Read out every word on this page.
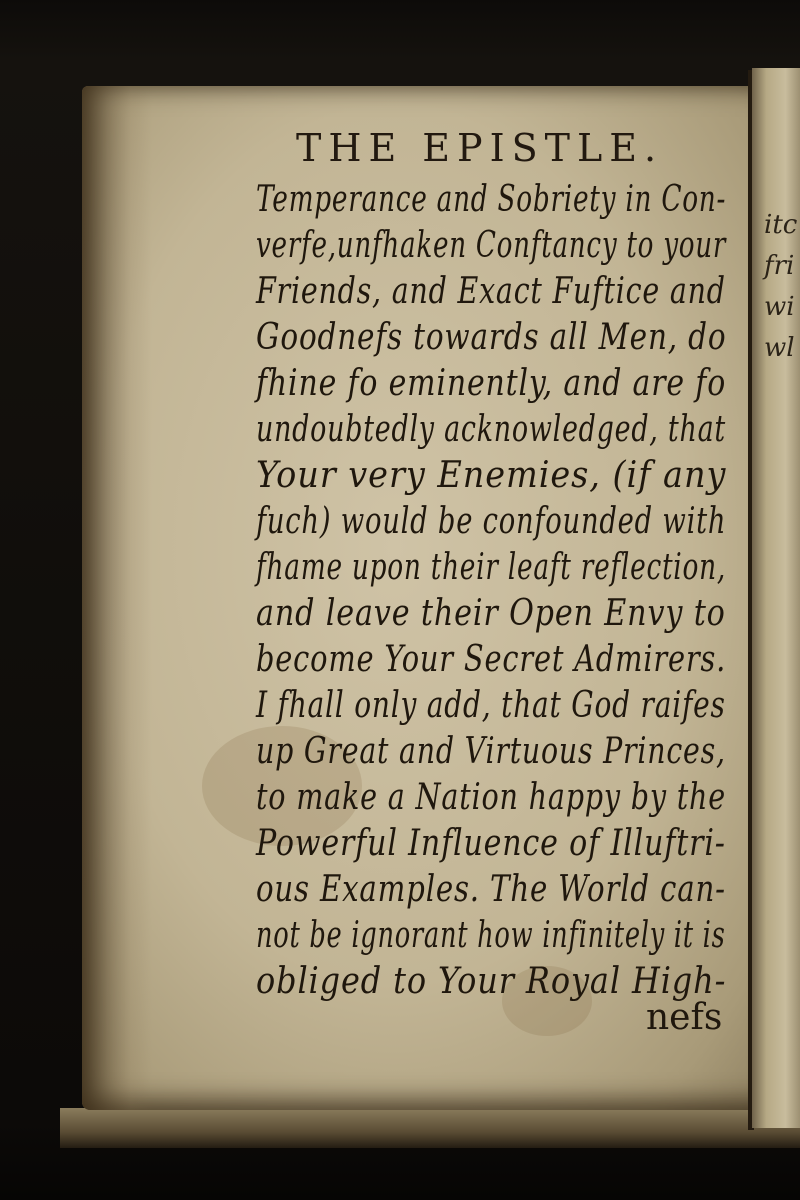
itc
fri
wi
wl
THE EPISTLE.
Temperance and Sobriety in Con-
verfe,unfhaken Conftancy to your
Friends, and Exact Fuftice and
Goodnefs towards all Men, do
fhine fo eminently, and are fo
undoubtedly acknowledged, that
Your very Enemies, (if any
fuch) would be confounded with
fhame upon their leaft reflection,
and leave their Open Envy to
become Your Secret Admirers.
I fhall only add, that God raifes
up Great and Virtuous Princes,
to make a Nation happy by the
Powerful Influence of Illuftri-
ous Examples. The World can-
not be ignorant how infinitely it is
obliged to Your Royal High-
nefs
